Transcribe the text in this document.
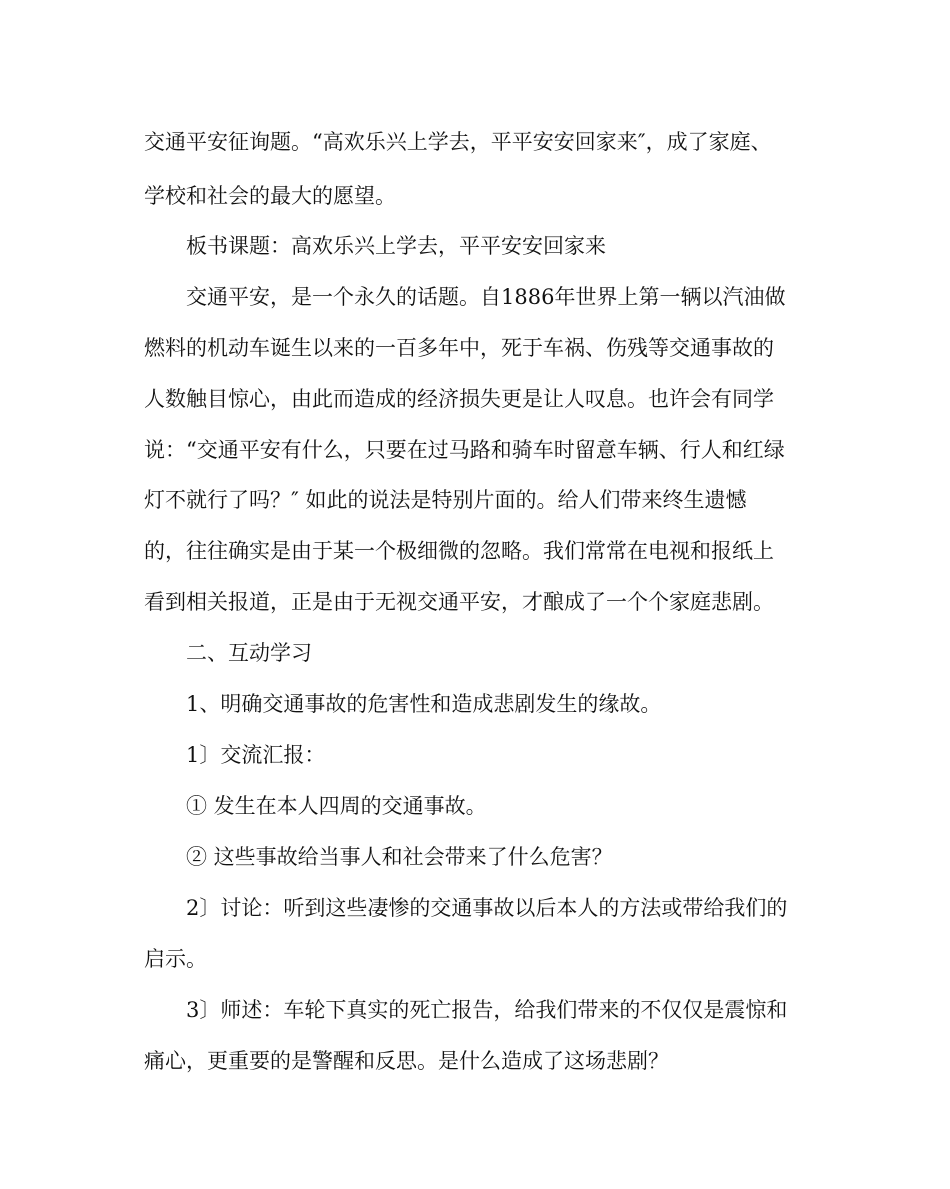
交通平安征询题。“高欢乐兴上学去，平平安安回家来″，成了家庭、
学校和社会的最大的愿望。
板书课题：高欢乐兴上学去，平平安安回家来
交通平安，是一个永久的话题。自1886年世界上第一辆以汽油做
燃料的机动车诞生以来的一百多年中，死于车祸、伤残等交通事故的
人数触目惊心，由此而造成的经济损失更是让人叹息。也许会有同学
说：“交通平安有什么，只要在过马路和骑车时留意车辆、行人和红绿
灯不就行了吗？″ 如此的说法是特别片面的。给人们带来终生遗憾
的，往往确实是由于某一个极细微的忽略。我们常常在电视和报纸上
看到相关报道，正是由于无视交通平安，才酿成了一个个家庭悲剧。
二、互动学习
1、明确交通事故的危害性和造成悲剧发生的缘故。
1〕交流汇报：
① 发生在本人四周的交通事故。
② 这些事故给当事人和社会带来了什么危害？
2〕讨论：听到这些凄惨的交通事故以后本人的方法或带给我们的
启示。
3〕师述：车轮下真实的死亡报告，给我们带来的不仅仅是震惊和
痛心，更重要的是警醒和反思。是什么造成了这场悲剧？
